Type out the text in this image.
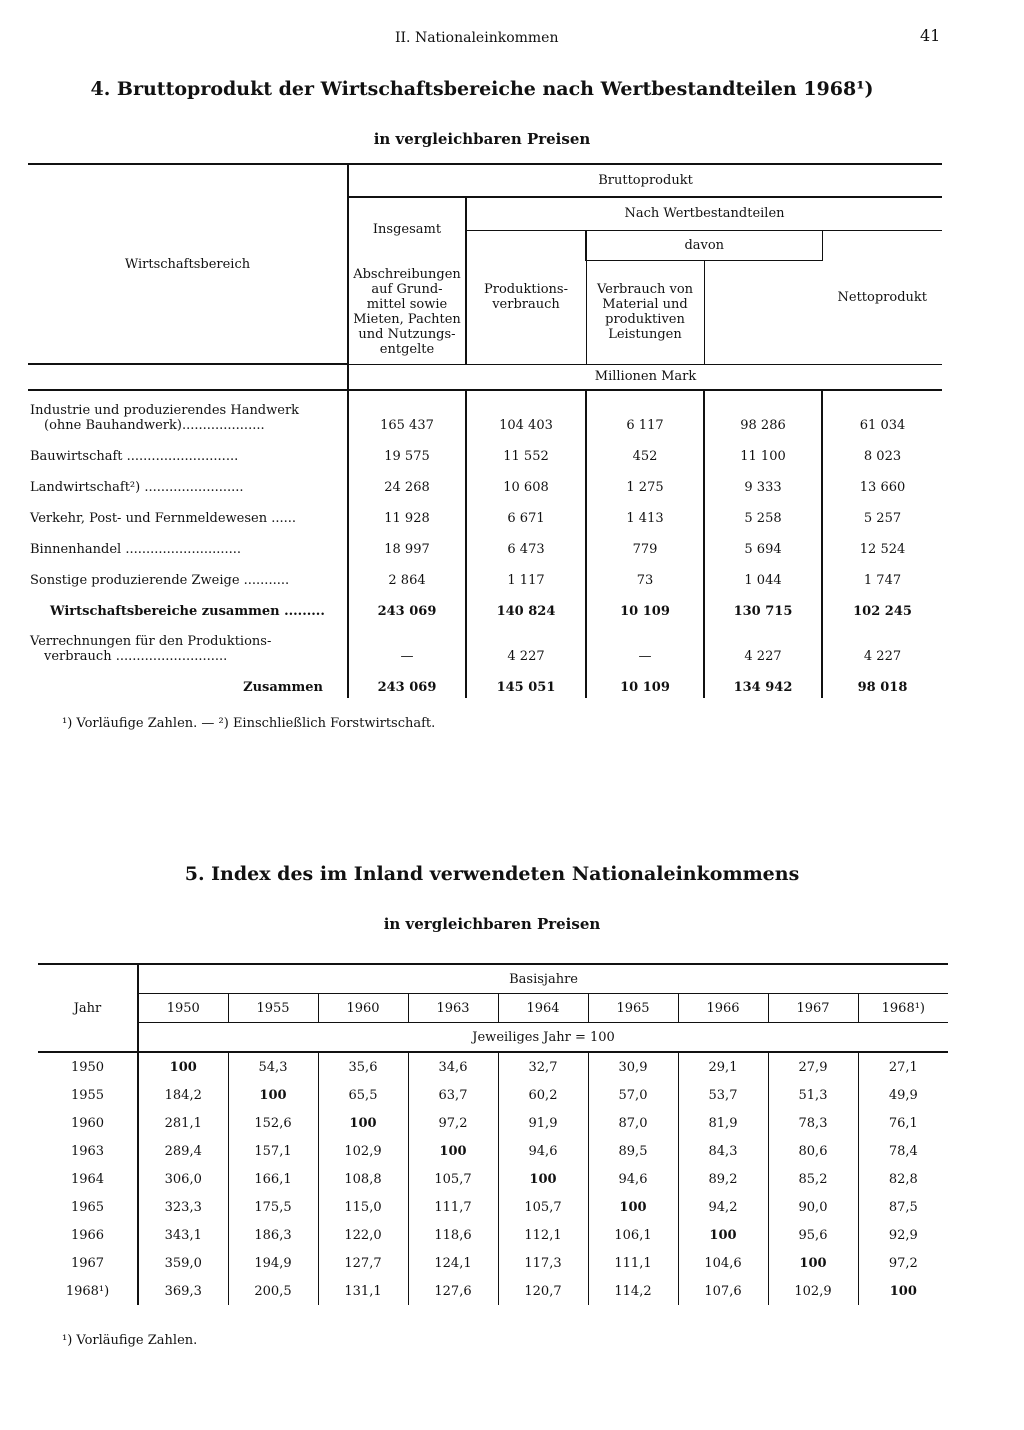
II. Nationaleinkommen	41
4. Bruttoprodukt der Wirtschaftsbereiche nach Wertbestandteilen 1968¹)
in vergleichbaren Preisen
Wirtschaftsbereich	Bruttoprodukt				
	Insgesamt	Nach Wertbestandteilen			
		Produktions- verbrauch	davon		Nettoprodukt
	Abschreibungen auf Grund- mittel sowie Mieten, Pachten und Nutzungs- entgelte		Verbrauch von Material und produktiven Leistungen		
	Millionen Mark				

Industrie und produzierendes Handwerk
(ohne Bauhandwerk)....................	165 437	104 403	6 117	98 286	61 034
Bauwirtschaft ...........................	19 575	11 552	452	11 100	8 023
Landwirtschaft²) ........................	24 268	10 608	1 275	9 333	13 660
Verkehr, Post- und Fernmeldewesen ......	11 928	6 671	1 413	5 258	5 257
Binnenhandel ............................	18 997	6 473	779	5 694	12 524
Sonstige produzierende Zweige ...........	2 864	1 117	73	1 044	1 747
Wirtschaftsbereiche zusammen .........	243 069	140 824	10 109	130 715	102 245

Verrechnungen für den Produktions-
verbrauch ...........................	—	4 227	—	4 227	4 227
Zusammen	243 069	145 051	10 109	134 942	98 018
¹) Vorläufige Zahlen. — ²) Einschließlich Forstwirtschaft.
5. Index des im Inland verwendeten Nationaleinkommens
in vergleichbaren Preisen
Jahr	Basisjahre								
	1950	1955	1960	1963	1964	1965	1966	1967	1968¹)
	Jeweiliges Jahr = 100								
1950	100	54,3	35,6	34,6	32,7	30,9	29,1	27,9	27,1
1955	184,2	100	65,5	63,7	60,2	57,0	53,7	51,3	49,9
1960	281,1	152,6	100	97,2	91,9	87,0	81,9	78,3	76,1
1963	289,4	157,1	102,9	100	94,6	89,5	84,3	80,6	78,4
1964	306,0	166,1	108,8	105,7	100	94,6	89,2	85,2	82,8
1965	323,3	175,5	115,0	111,7	105,7	100	94,2	90,0	87,5
1966	343,1	186,3	122,0	118,6	112,1	106,1	100	95,6	92,9
1967	359,0	194,9	127,7	124,1	117,3	111,1	104,6	100	97,2
1968¹)	369,3	200,5	131,1	127,6	120,7	114,2	107,6	102,9	100
¹) Vorläufige Zahlen.
